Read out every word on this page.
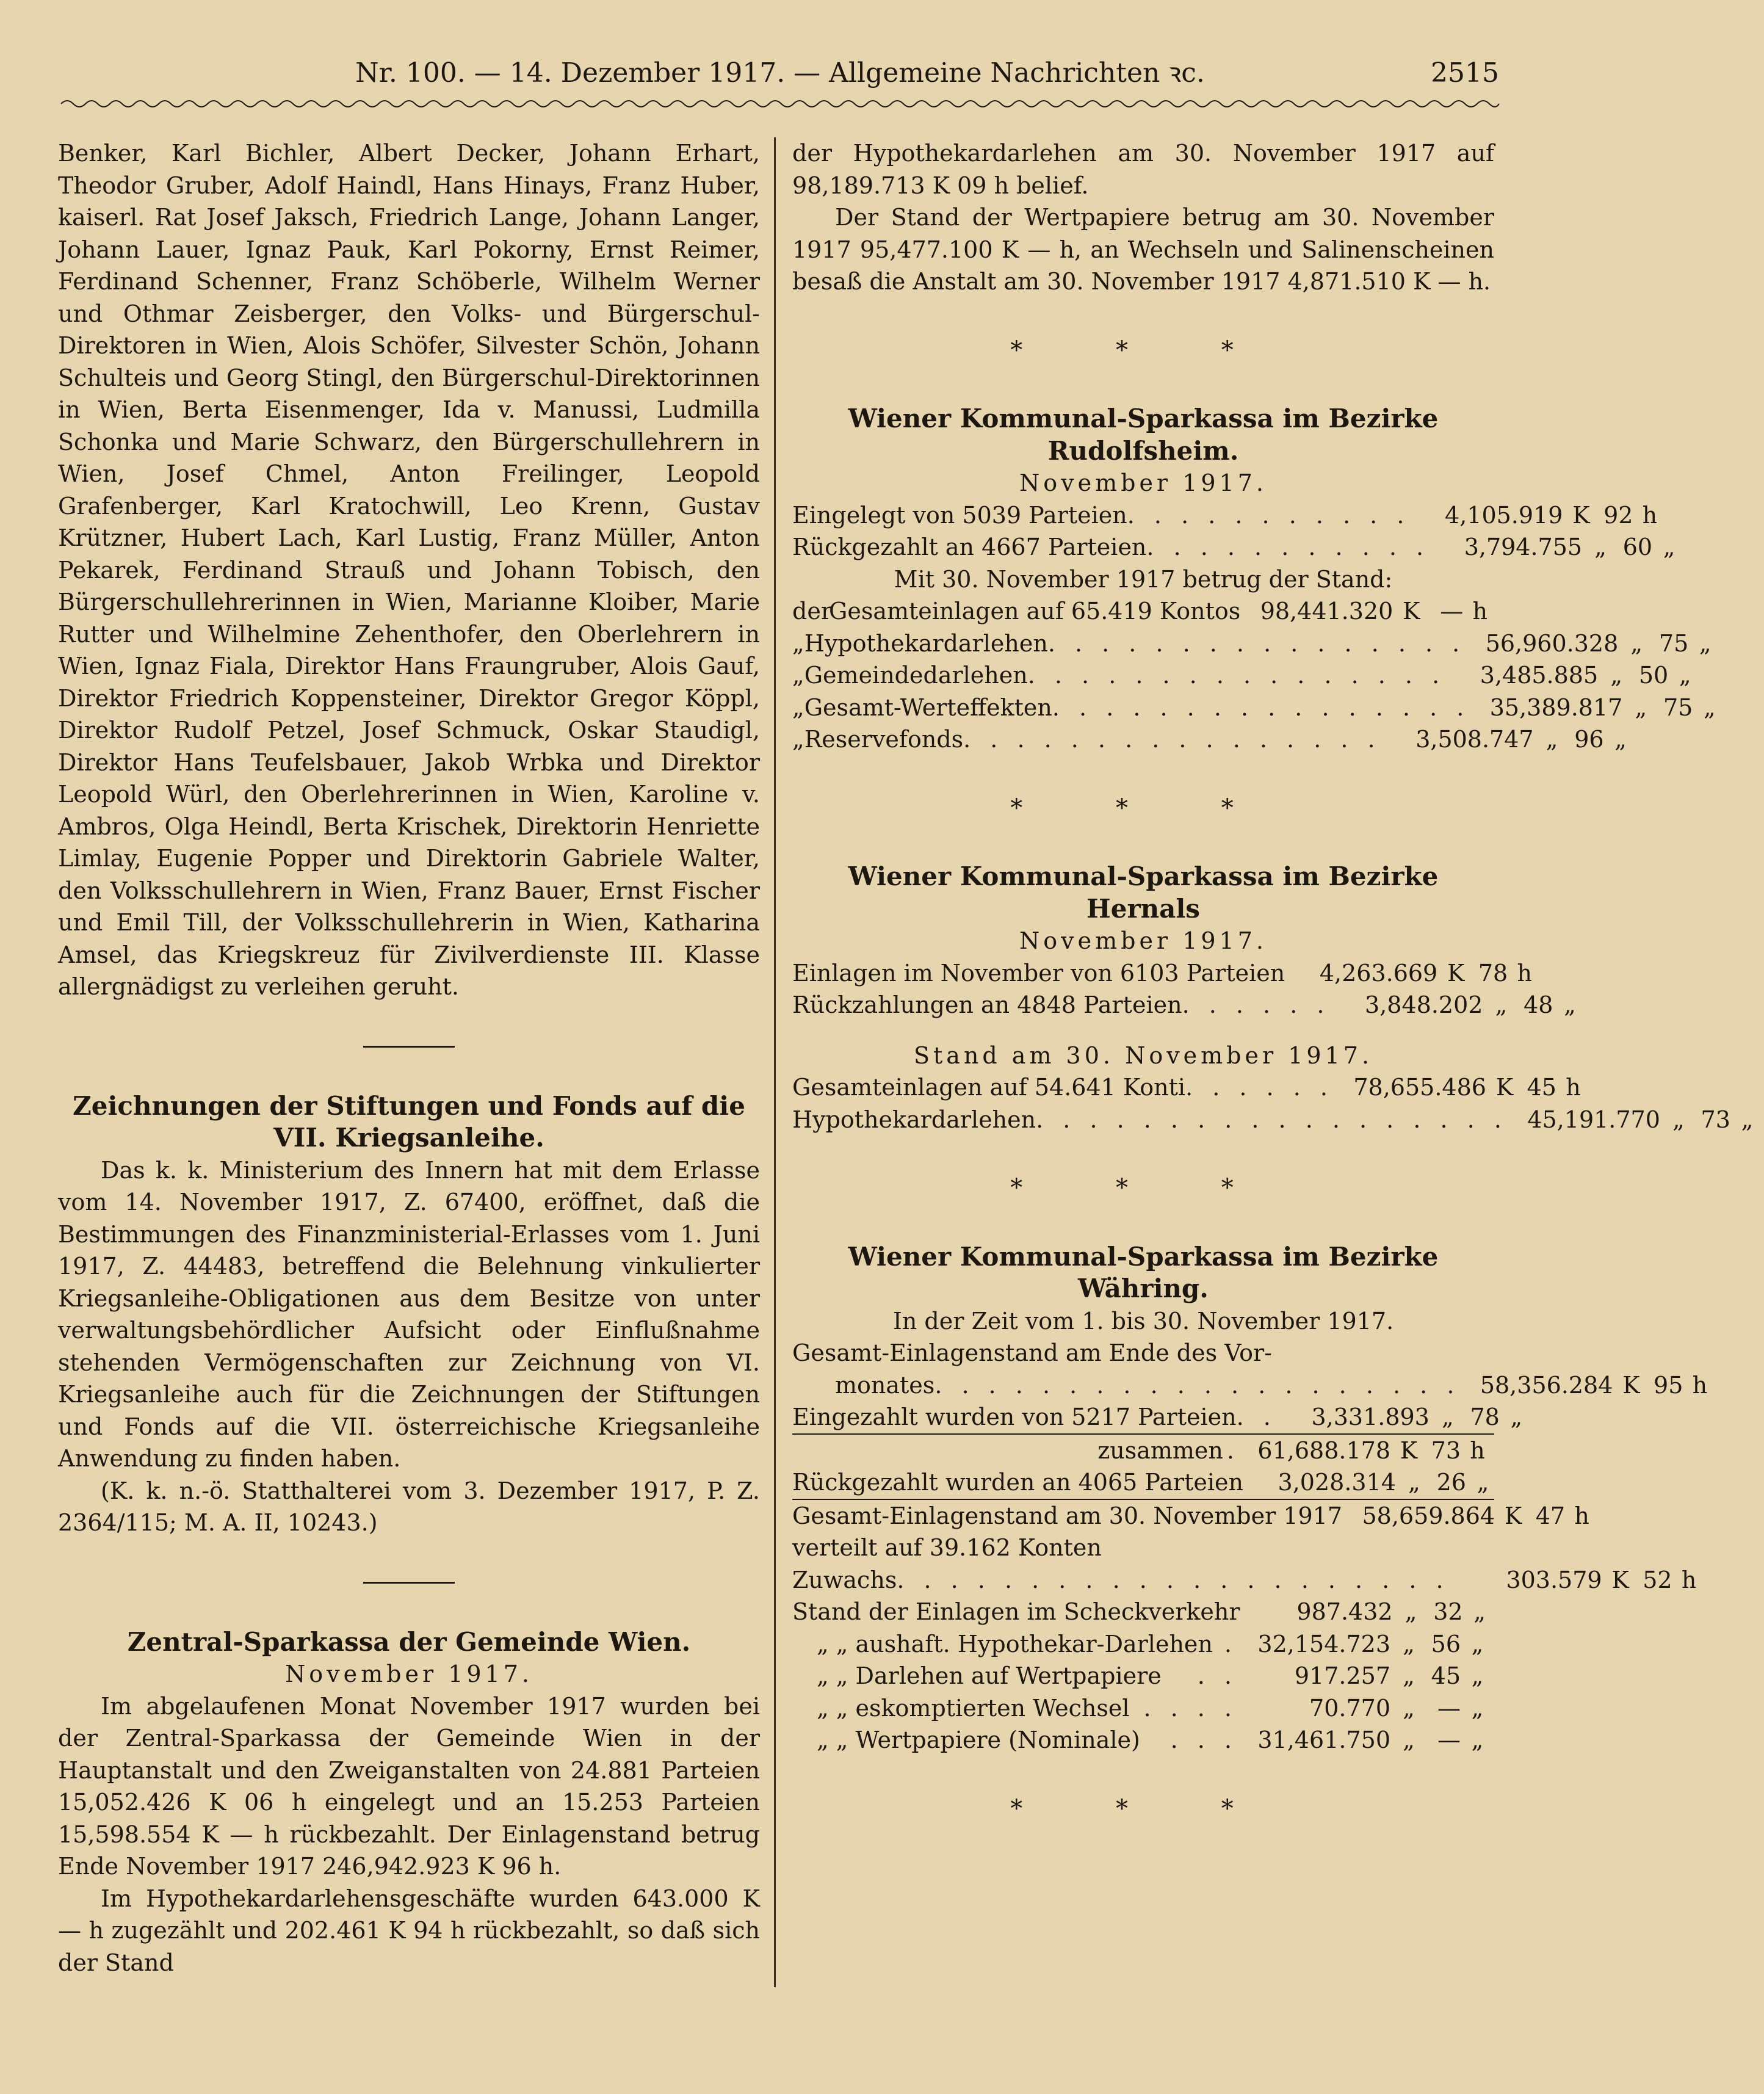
Nr. 100. — 14. Dezember 1917. — Allgemeine Nachrichten ꝛc.	2515

Benker, Karl Bichler, Albert Decker, Johann Erhart, Theodor Gruber, Adolf Haindl, Hans Hinays, Franz Huber, kaiserl. Rat Josef Jaksch, Friedrich Lange, Johann Langer, Johann Lauer, Ignaz Pauk, Karl Pokorny, Ernst Reimer, Ferdinand Schenner, Franz Schöberle, Wilhelm Werner und Othmar Zeisberger, den Volks- und Bürgerschul-Direktoren in Wien, Alois Schöfer, Silvester Schön, Johann Schulteis und Georg Stingl, den Bürgerschul-Direktorinnen in Wien, Berta Eisenmenger, Ida v. Manussi, Ludmilla Schonka und Marie Schwarz, den Bürgerschullehrern in Wien, Josef Chmel, Anton Freilinger, Leopold Grafenberger, Karl Kratochwill, Leo Krenn, Gustav Krützner, Hubert Lach, Karl Lustig, Franz Müller, Anton Pekarek, Ferdinand Strauß und Johann Tobisch, den Bürgerschullehrerinnen in Wien, Marianne Kloiber, Marie Rutter und Wilhelmine Zehenthofer, den Oberlehrern in Wien, Ignaz Fiala, Direktor Hans Fraungruber, Alois Gauf, Direktor Friedrich Koppensteiner, Direktor Gregor Köppl, Direktor Rudolf Petzel, Josef Schmuck, Oskar Staudigl, Direktor Hans Teufelsbauer, Jakob Wrbka und Direktor Leopold Würl, den Oberlehrerinnen in Wien, Karoline v. Ambros, Olga Heindl, Berta Krischek, Direktorin Henriette Limlay, Eugenie Popper und Direktorin Gabriele Walter, den Volksschullehrern in Wien, Franz Bauer, Ernst Fischer und Emil Till, der Volksschullehrerin in Wien, Katharina Amsel, das Kriegskreuz für Zivilverdienste III. Klasse allergnädigst zu verleihen geruht.

Zeichnungen der Stiftungen und Fonds auf die VII. Kriegsanleihe.

Das k. k. Ministerium des Innern hat mit dem Erlasse vom 14. November 1917, Z. 67400, eröffnet, daß die Bestimmungen des Finanzministerial-Erlasses vom 1. Juni 1917, Z. 44483, betreffend die Belehnung vinkulierter Kriegsanleihe-Obligationen aus dem Besitze von unter verwaltungsbehördlicher Aufsicht oder Einflußnahme stehenden Vermögenschaften zur Zeichnung von VI. Kriegsanleihe auch für die Zeichnungen der Stiftungen und Fonds auf die VII. österreichische Kriegsanleihe Anwendung zu finden haben.

(K. k. n.-ö. Statthalterei vom 3. Dezember 1917, P. Z. 2364/115; M. A. II, 10243.)

Zentral-Sparkassa der Gemeinde Wien.

November 1917.

Im abgelaufenen Monat November 1917 wurden bei der Zentral-Sparkassa der Gemeinde Wien in der Hauptanstalt und den Zweiganstalten von 24.881 Parteien 15,052.426 K 06 h eingelegt und an 15.253 Parteien 15,598.554 K — h rückbezahlt. Der Einlagenstand betrug Ende November 1917 246,942.923 K 96 h.

Im Hypothekardarlehensgeschäfte wurden 643.000 K — h zugezählt und 202.461 K 94 h rückbezahlt, so daß sich der Stand

der Hypothekardarlehen am 30. November 1917 auf 98,189.713 K 09 h belief.

Der Stand der Wertpapiere betrug am 30. November 1917 95,477.100 K — h, an Wechseln und Salinenscheinen besaß die Anstalt am 30. November 1917 4,871.510 K — h.

* * *

Wiener Kommunal-Sparkassa im Bezirke Rudolfsheim.

November 1917.

Eingelegt von 5039 Parteien . . . . . . . . . . .	4,105.919 K 92 h
Rückgezahlt an 4667 Parteien . . . . . . . . . . .	3,794.755 „ 60 „

Mit 30. November 1917 betrug der Stand:

der
Gesamteinlagen auf 65.419 Kontos 98,441.320 K — h
„ Hypothekardarlehen . . . . . . . . . . . . . . . . 56,960.328 „ 75 „
„ Gemeindedarlehen . . . . . . . . . . . . . . . .	3,485.885 „ 50 „
„ Gesamt-Werteffekten . . . . . . . . . . . . . . . . 35,389.817 „ 75 „
„ Reservefonds . . . . . . . . . . . . . . . .	3,508.747 „ 96 „

* * *

Wiener Kommunal-Sparkassa im Bezirke Hernals

November 1917.

Einlagen im November von 6103 Parteien	4,263.669 K 78 h
Rückzahlungen an 4848 Parteien . . . . . .	3,848.202 „ 48 „

Stand am 30. November 1917.

Gesamteinlagen auf 54.641 Konti . . . . . . 78,655.486 K 45 h
Hypothekardarlehen . . . . . . . . . . . . . . . . . . 45,191.770 „ 73 „

* * *

Wiener Kommunal-Sparkassa im Bezirke Währing.

In der Zeit vom 1. bis 30. November 1917.

Gesamt-Einlagenstand am Ende des Vor-

monates . . . . . . . . . . . . . . . . . . . . 58,356.284 K 95 h
Eingezahlt wurden von 5217 Parteien . .	3,331.893 „ 78 „
zusammen .	61,688.178 K 73 h
Rückgezahlt wurden an 4065 Parteien	3,028.314 „ 26 „
Gesamt-Einlagenstand am 30. November 1917 58,659.864 K 47 h

verteilt auf 39.162 Konten

Zuwachs . . . . . . . . . . . . . . . . . . . . .	303.579 K 52 h
Stand der Einlagen im Scheckverkehr	987.432 „ 32 „
„ „ aushaft. Hypothekar-Darlehen . 32,154.723 „ 56 „
„ „ Darlehen auf Wertpapiere	. .	917.257 „ 45 „
„ „ eskomptierten Wechsel . . . .	70.770 „ — „
„ „ Wertpapiere (Nominale)	. . . 31,461.750 „ — „

* * *
